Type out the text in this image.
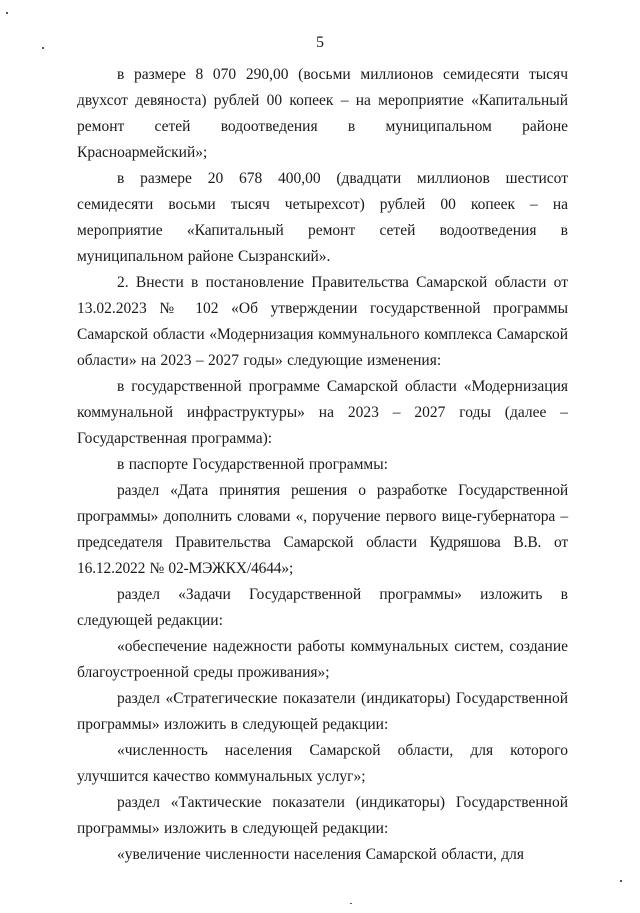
5

в размере 8 070 290,00 (восьми миллионов семидесяти тысяч двухсот девяноста) рублей 00 копеек – на мероприятие «Капитальный ремонт сетей водоотведения в муниципальном районе Красноармейский»;

в размере 20 678 400,00 (двадцати миллионов шестисот семидесяти восьми тысяч четырехсот) рублей 00 копеек – на мероприятие «Капитальный ремонт сетей водоотведения в муниципальном районе Сызранский».

2. Внести в постановление Правительства Самарской области от 13.02.2023 № 102 «Об утверждении государственной программы Самарской области «Модернизация коммунального комплекса Самарской области» на 2023 – 2027 годы» следующие изменения:

в государственной программе Самарской области «Модернизация коммунальной инфраструктуры» на 2023 – 2027 годы (далее – Государственная программа):

в паспорте Государственной программы:

раздел «Дата принятия решения о разработке Государственной программы» дополнить словами «, поручение первого вице-губернатора – председателя Правительства Самарской области Кудряшова В.В. от 16.12.2022 № 02-МЭЖКХ/4644»;

раздел «Задачи Государственной программы» изложить в следующей редакции:

«обеспечение надежности работы коммунальных систем, создание благоустроенной среды проживания»;

раздел «Стратегические показатели (индикаторы) Государственной программы» изложить в следующей редакции:

«численность населения Самарской области, для которого улучшится качество коммунальных услуг»;

раздел «Тактические показатели (индикаторы) Государственной программы» изложить в следующей редакции:

«увеличение численности населения Самарской области, для
